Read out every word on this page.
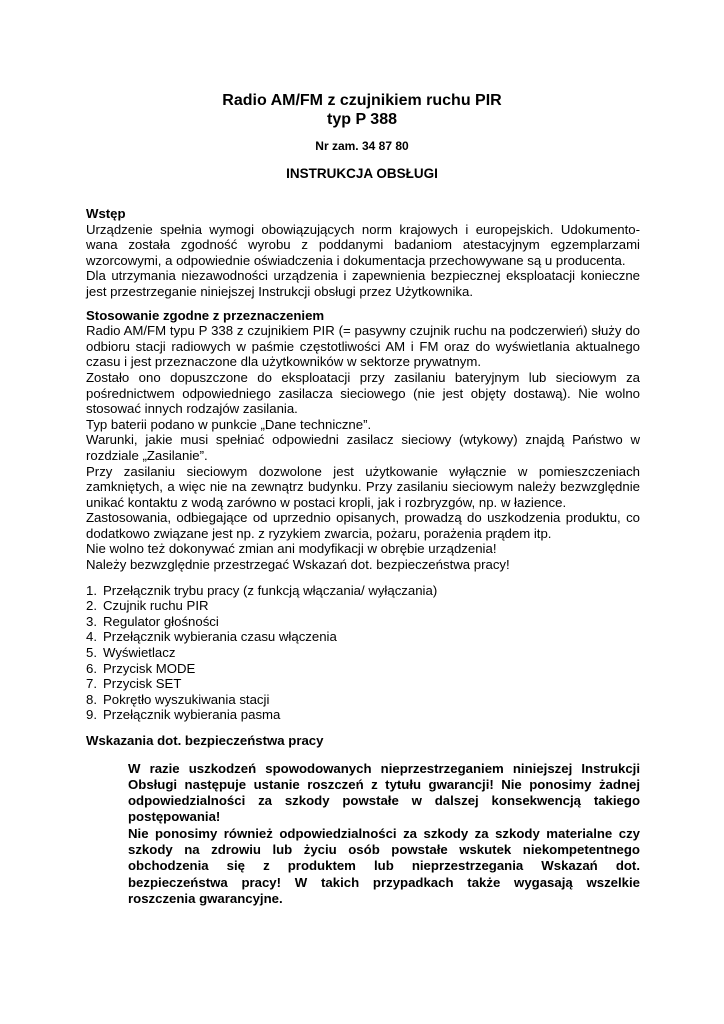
Radio AM/FM z czujnikiem ruchu PIR
typ P 388
Nr zam. 34 87 80
INSTRUKCJA OBSŁUGI
Wstęp

Urządzenie spełnia wymogi obowiązujących norm krajowych i europejskich. Udokumento-wana została zgodność wyrobu z poddanymi badaniom atestacyjnym egzemplarzami wzorcowymi, a odpowiednie oświadczenia i dokumentacja przechowywane są u producenta.

Dla utrzymania niezawodności urządzenia i zapewnienia bezpiecznej eksploatacji konieczne jest przestrzeganie niniejszej Instrukcji obsługi przez Użytkownika.

Stosowanie zgodne z przeznaczeniem

Radio AM/FM typu P 338 z czujnikiem PIR (= pasywny czujnik ruchu na podczerwień) służy do odbioru stacji radiowych w paśmie częstotliwości AM i FM oraz do wyświetlania aktualnego czasu i jest przeznaczone dla użytkowników w sektorze prywatnym.

Zostało ono dopuszczone do eksploatacji przy zasilaniu bateryjnym lub sieciowym za pośrednictwem odpowiedniego zasilacza sieciowego (nie jest objęty dostawą). Nie wolno stosować innych rodzajów zasilania.

Typ baterii podano w punkcie „Dane techniczne”.

Warunki, jakie musi spełniać odpowiedni zasilacz sieciowy (wtykowy) znajdą Państwo w rozdziale „Zasilanie”.

Przy zasilaniu sieciowym dozwolone jest użytkowanie wyłącznie w pomieszczeniach zamkniętych, a więc nie na zewnątrz budynku. Przy zasilaniu sieciowym należy bezwzględnie unikać kontaktu z wodą zarówno w postaci kropli, jak i rozbryzgów, np. w łazience.

Zastosowania, odbiegające od uprzednio opisanych, prowadzą do uszkodzenia produktu, co dodatkowo związane jest np. z ryzykiem zwarcia, pożaru, porażenia prądem itp.

Nie wolno też dokonywać zmian ani modyfikacji w obrębie urządzenia!

Należy bezwzględnie przestrzegać Wskazań dot. bezpieczeństwa pracy!

1. Przełącznik trybu pracy (z funkcją włączania/ wyłączania)
2. Czujnik ruchu PIR
3. Regulator głośności
4. Przełącznik wybierania czasu włączenia
5. Wyświetlacz
6. Przycisk MODE
7. Przycisk SET
8. Pokrętło wyszukiwania stacji
9. Przełącznik wybierania pasma
Wskazania dot. bezpieczeństwa pracy

W razie uszkodzeń spowodowanych nieprzestrzeganiem niniejszej Instrukcji Obsługi następuje ustanie roszczeń z tytułu gwarancji! Nie ponosimy żadnej odpowiedzialności za szkody powstałe w dalszej konsekwencją takiego postępowania!

Nie ponosimy również odpowiedzialności za szkody za szkody materialne czy szkody na zdrowiu lub życiu osób powstałe wskutek niekompetentnego obchodzenia się z produktem lub nieprzestrzegania Wskazań dot. bezpieczeństwa pracy! W takich przypadkach także wygasają wszelkie roszczenia gwarancyjne.
